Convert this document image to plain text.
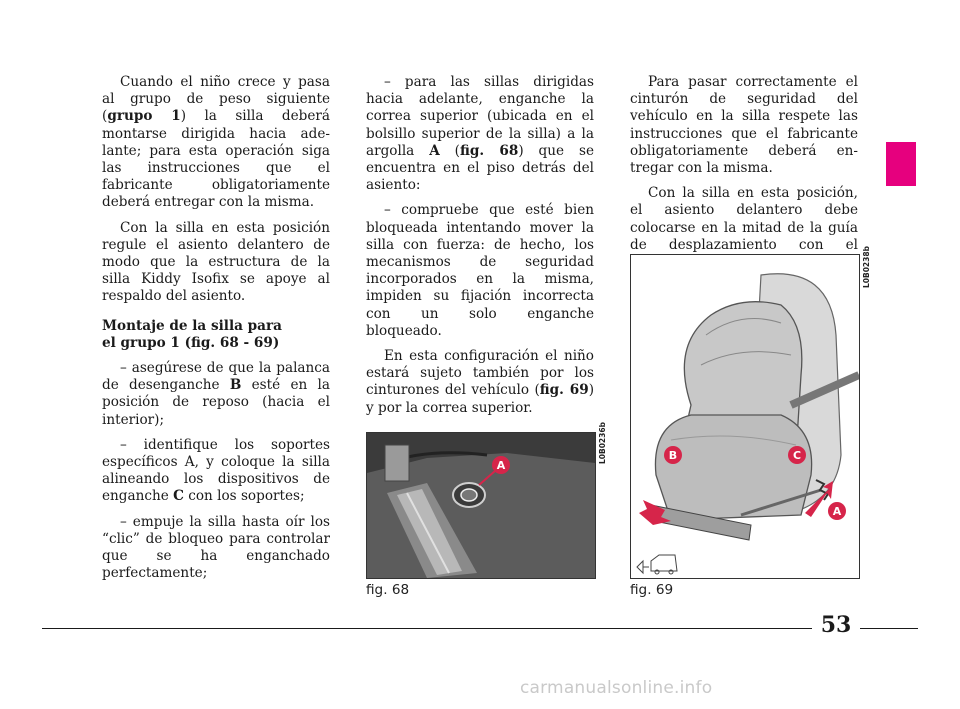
Cuando el niño crece y pasa al grupo de peso siguiente (grupo 1) la silla deberá montarse dirigida hacia adelante; para esta operación siga las instrucciones que el fabricante obligatoriamente deberá entregar con la misma.

Con la silla en esta posición regule el asiento delantero de modo que la estructura de la silla Kiddy Isofix se apoye al respaldo del asiento.

Montaje de la silla para
el grupo 1 (fig. 68 - 69)

– asegúrese de que la palanca de desenganche B esté en la posición de reposo (hacia el interior);

– identifique los soportes específicos A, y coloque la silla alineando los dispositivos de enganche C con los soportes;

– empuje la silla hasta oír los “clic” de bloqueo para controlar que se ha enganchado perfectamente;

– para las sillas dirigidas hacia adelante, enganche la correa superior (ubicada en el bolsillo superior de la silla) a la argolla A (fig. 68) que se encuentra en el piso detrás del asiento:

– compruebe que esté bien bloqueada intentando mover la silla con fuerza: de hecho, los mecanismos de seguridad incorporados en la misma, impiden su fijación incorrecta con un solo enganche bloqueado.

En esta configuración el niño estará sujeto también por los cinturones del vehículo (fig. 69) y por la correa superior.

Para pasar correctamente el cinturón de seguridad del vehículo en la silla respete las instrucciones que el fabricante obligatoriamente deberá entregar con la misma.

Con la silla en esta posición, el asiento delantero debe colocarse en la mitad de la guía de desplazamiento con el

A
L0B0236b
fig. 68
B	C
A
L0B0238b
fig. 69
53
carmanualsonline.info
